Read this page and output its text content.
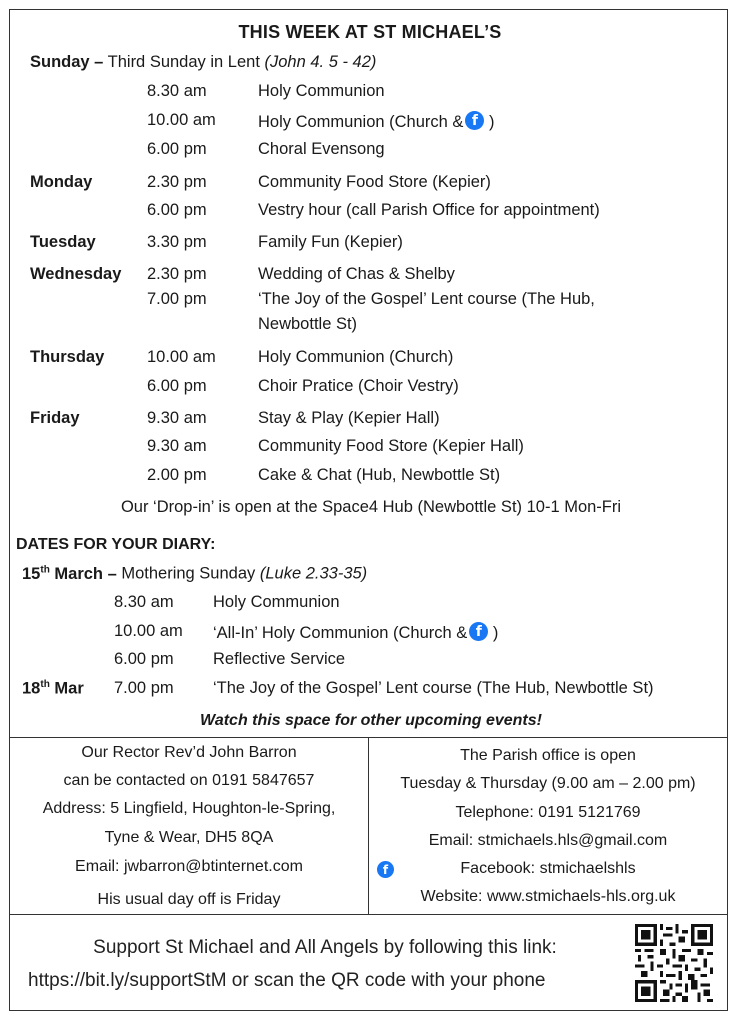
THIS WEEK AT ST MICHAEL’S
Sunday – Third Sunday in Lent (John 4. 5 - 42)
8.30 am	Holy Communion
10.00 am	Holy Communion (Church & f )
6.00 pm	Choral Evensong
Monday	2.30 pm	Community Food Store (Kepier)
6.00 pm	Vestry hour (call Parish Office for appointment)
Tuesday	3.30 pm	Family Fun (Kepier)
Wednesday 2.30 pm	Wedding of Chas & Shelby
7.00 pm	‘The Joy of the Gospel’ Lent course (The Hub,
Newbottle St)
Thursday	10.00 am	Holy Communion (Church)
6.00 pm	Choir Pratice (Choir Vestry)
Friday	9.30 am	Stay & Play (Kepier Hall)
9.30 am	Community Food Store (Kepier Hall)
2.00 pm	Cake & Chat (Hub, Newbottle St)
Our ‘Drop-in’ is open at the Space4 Hub (Newbottle St) 10-1 Mon-Fri
DATES FOR YOUR DIARY:
15th March – Mothering Sunday (Luke 2.33-35)
8.30 am Holy Communion
10.00 am ‘All-In’ Holy Communion (Church & f )
6.00 pm Reflective Service
18th Mar 7.00 pm ‘The Joy of the Gospel’ Lent course (The Hub, Newbottle St)
Watch this space for other upcoming events!
Our Rector Rev’d John Barron
can be contacted on 0191 5847657
Address: 5 Lingfield, Houghton-le-Spring,
Tyne & Wear, DH5 8QA
Email: jwbarron@btinternet.com
His usual day off is Friday
The Parish office is open
Tuesday & Thursday (9.00 am – 2.00 pm)
Telephone: 0191 5121769
Email: stmichaels.hls@gmail.com
f	Facebook: stmichaelshls
Website: www.stmichaels-hls.org.uk
Support St Michael and All Angels by following this link:
https://bit.ly/supportStM or scan the QR code with your phone
